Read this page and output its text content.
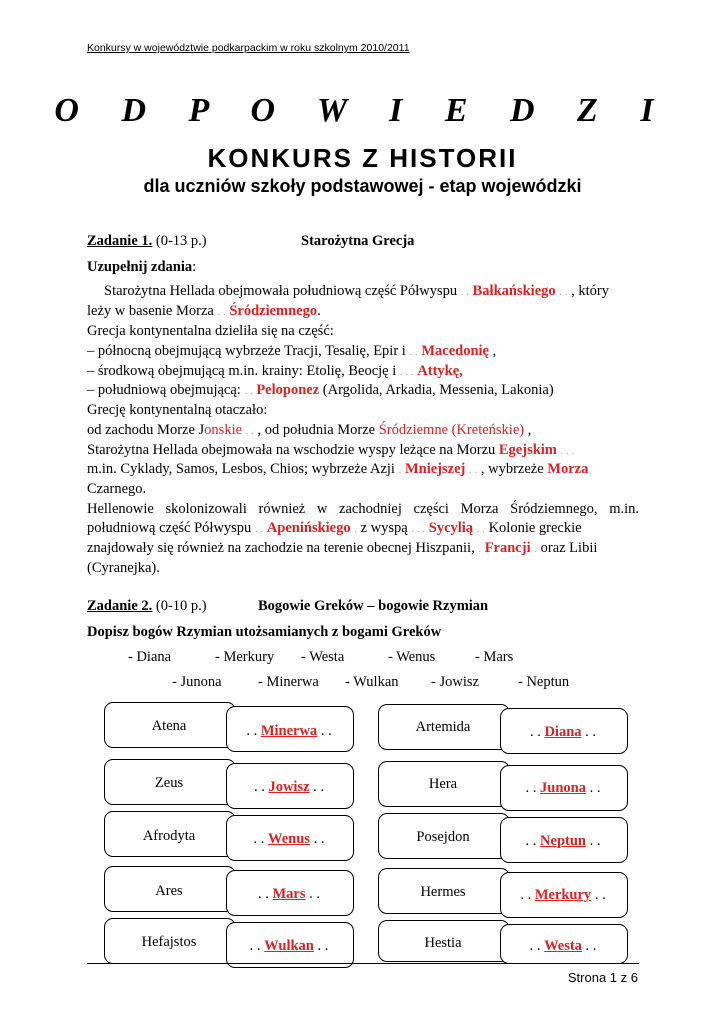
Konkursy w województwie podkarpackim w roku szkolnym 2010/2011
O D P O W I E D Z I
KONKURS Z HISTORII
dla uczniów szkoły podstawowej - etap wojewódzki
Zadanie 1. (0-13 p.)	Starożytna Grecja
Uzupełnij zdania:
Starożytna Hellada obejmowała południową część Półwyspu . . Bałkańskiego . . , który
leży w basenie Morza . . Śródziemnego.
Grecja kontynentalna dzieliła się na część:
– północną obejmującą wybrzeże Tracji, Tesalię, Epir i . . Macedonię ,
– środkową obejmującą m.in. krainy: Etolię, Beocję i . . . Attykę,
– południową obejmującą: . . Peloponez (Argolida, Arkadia, Messenia, Lakonia)
Grecję kontynentalną otaczało:
od zachodu Morze Jonskie . . , od południa Morze Śródziemne (Kreteńskie) ,
Starożytna Hellada obejmowała na wschodzie wyspy leżące na Morzu Egejskim . . .
m.in. Cyklady, Samos, Lesbos, Chios; wybrzeże Azji . Mniejszej . . , wybrzeże Morza
Czarnego.
Hellenowie skolonizowali również w zachodniej części Morza Śródziemnego, m.in.
południową część Półwyspu . . Apenińskiego . z wyspą . . . Sycylią . . Kolonie greckie
znajdowały się również na zachodzie na terenie obecnej Hiszpanii, . Francji . oraz Libii
(Cyranejka).
Zadanie 2. (0-10 p.)	Bogowie Greków – bogowie Rzymian
Dopisz bogów Rzymian utożsamianych z bogami Greków
- Diana	- Merkury - Westa	- Wenus	- Mars
- Junona	- Minerwa - Wulkan - Jowisz	- Neptun
Atena	. . Minerwa . .
Zeus	. . Jowisz . .
Afrodyta	. . Wenus . .
Ares	. . Mars . .
Hefajstos	. . Wulkan . .
Artemida	. . Diana . .
Hera	. . Junona . .
Posejdon	. . Neptun . .
Hermes	. . Merkury . .
Hestia	. . Westa . .
Strona 1 z 6
